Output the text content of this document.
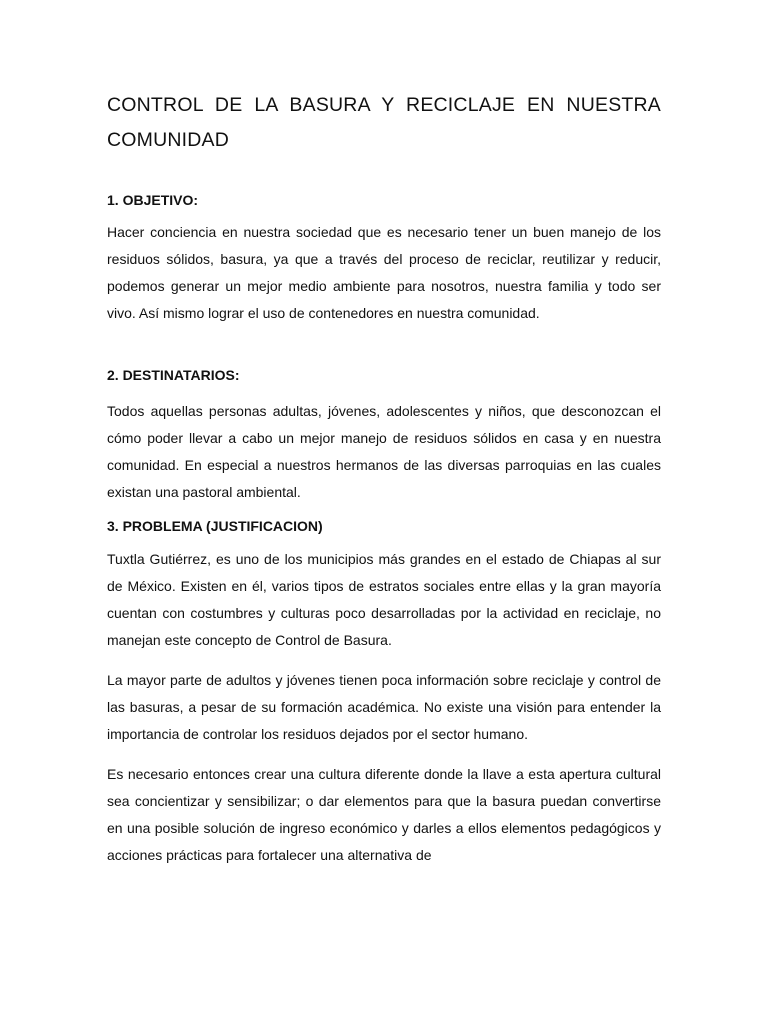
CONTROL DE LA BASURA Y RECICLAJE EN NUESTRA COMUNIDAD
1. OBJETIVO:

Hacer conciencia en nuestra sociedad que es necesario tener un buen manejo de los residuos sólidos, basura, ya que a través del proceso de reciclar, reutilizar y reducir, podemos generar un mejor medio ambiente para nosotros, nuestra familia y todo ser vivo. Así mismo lograr el uso de contenedores en nuestra comunidad.

2. DESTINATARIOS:

Todos aquellas personas adultas, jóvenes, adolescentes y niños, que desconozcan el cómo poder llevar a cabo un mejor manejo de residuos sólidos en casa y en nuestra comunidad. En especial a nuestros hermanos de las diversas parroquias en las cuales existan una pastoral ambiental.

3. PROBLEMA (JUSTIFICACION)

Tuxtla Gutiérrez, es uno de los municipios más grandes en el estado de Chiapas al sur de México. Existen en él, varios tipos de estratos sociales entre ellas y la gran mayoría cuentan con costumbres y culturas poco desarrolladas por la actividad en reciclaje, no manejan este concepto de Control de Basura.

La mayor parte de adultos y jóvenes tienen poca información sobre reciclaje y control de las basuras, a pesar de su formación académica. No existe una visión para entender la importancia de controlar los residuos dejados por el sector humano.

Es necesario entonces crear una cultura diferente donde la llave a esta apertura cultural sea concientizar y sensibilizar; o dar elementos para que la basura puedan convertirse en una posible solución de ingreso económico y darles a ellos elementos pedagógicos y acciones prácticas para fortalecer una alternativa de
